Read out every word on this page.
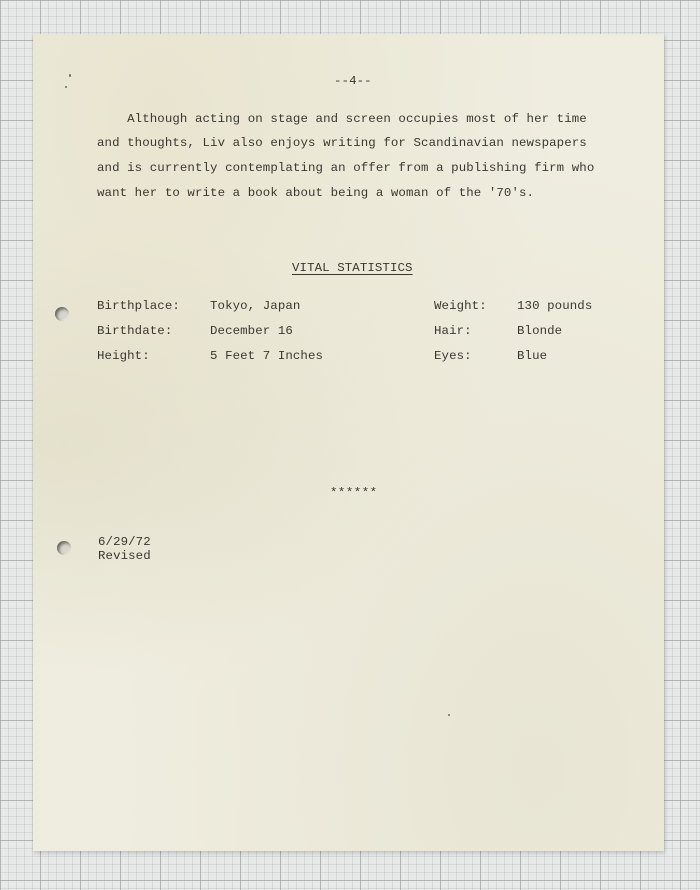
--4--
Although acting on stage and screen occupies most of her time
and thoughts, Liv also enjoys writing for Scandinavian newspapers
and is currently contemplating an offer from a publishing firm who
want her to write a book about being a woman of the '70's.
VITAL STATISTICS
Birthplace: Tokyo, Japan	Weight: 130 pounds
Birthdate:	December 16	Hair:	Blonde
Height:	5 Feet 7 Inches	Eyes:	Blue
******
6/29/72
Revised
